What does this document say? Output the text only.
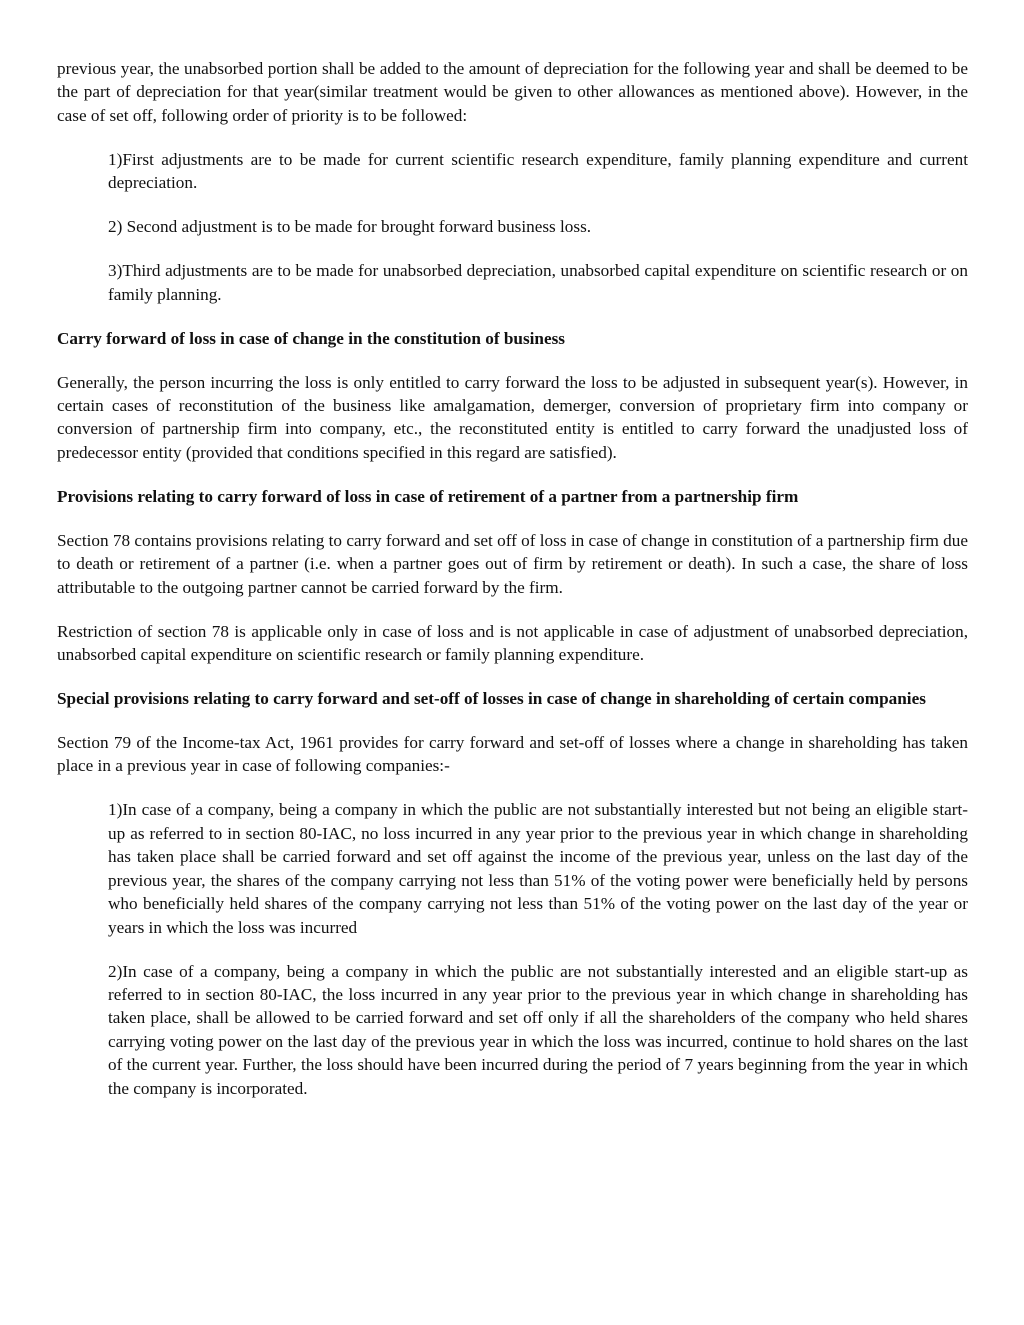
previous year, the unabsorbed portion shall be added to the amount of depreciation for the following year and shall be deemed to be the part of depreciation for that year(similar treatment would be given to other allowances as mentioned above). However, in the case of set off, following order of priority is to be followed:

1)First adjustments are to be made for current scientific research expenditure, family planning expenditure and current depreciation.

2) Second adjustment is to be made for brought forward business loss.

3)Third adjustments are to be made for unabsorbed depreciation, unabsorbed capital expenditure on scientific research or on family planning.

Carry forward of loss in case of change in the constitution of business

Generally, the person incurring the loss is only entitled to carry forward the loss to be adjusted in subsequent year(s). However, in certain cases of reconstitution of the business like amalgamation, demerger, conversion of proprietary firm into company or conversion of partnership firm into company, etc., the reconstituted entity is entitled to carry forward the unadjusted loss of predecessor entity (provided that conditions specified in this regard are satisfied).

Provisions relating to carry forward of loss in case of retirement of a partner from a partnership firm

Section 78 contains provisions relating to carry forward and set off of loss in case of change in constitution of a partnership firm due to death or retirement of a partner (i.e. when a partner goes out of firm by retirement or death). In such a case, the share of loss attributable to the outgoing partner cannot be carried forward by the firm.

Restriction of section 78 is applicable only in case of loss and is not applicable in case of adjustment of unabsorbed depreciation, unabsorbed capital expenditure on scientific research or family planning expenditure.

Special provisions relating to carry forward and set-off of losses in case of change in shareholding of certain companies

Section 79 of the Income-tax Act, 1961 provides for carry forward and set-off of losses where a change in shareholding has taken place in a previous year in case of following companies:-

1)In case of a company, being a company in which the public are not substantially interested but not being an eligible start-up as referred to in section 80-IAC, no loss incurred in any year prior to the previous year in which change in shareholding has taken place shall be carried forward and set off against the income of the previous year, unless on the last day of the previous year, the shares of the company carrying not less than 51% of the voting power were beneficially held by persons who beneficially held shares of the company carrying not less than 51% of the voting power on the last day of the year or years in which the loss was incurred

2)In case of a company, being a company in which the public are not substantially interested and an eligible start-up as referred to in section 80-IAC, the loss incurred in any year prior to the previous year in which change in shareholding has taken place, shall be allowed to be carried forward and set off only if all the shareholders of the company who held shares carrying voting power on the last day of the previous year in which the loss was incurred, continue to hold shares on the last of the current year. Further, the loss should have been incurred during the period of 7 years beginning from the year in which the company is incorporated.
